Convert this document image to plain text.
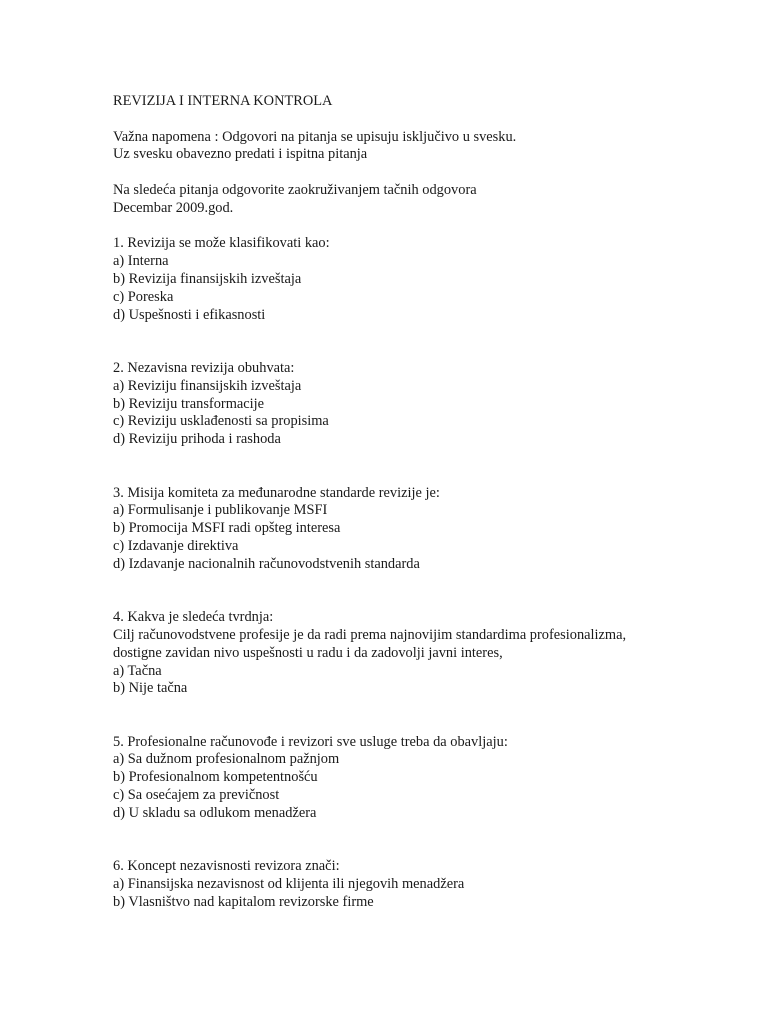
REVIZIJA I INTERNA KONTROLA
Važna napomena : Odgovori na pitanja se upisuju isključivo u svesku.
Uz svesku obavezno predati i ispitna pitanja
Na sledeća pitanja odgovorite zaokruživanjem tačnih odgovora
Decembar 2009.god.
1. Revizija se može klasifikovati kao:
a) Interna
b) Revizija finansijskih izveštaja
c) Poreska
d) Uspešnosti i efikasnosti
2. Nezavisna revizija obuhvata:
a) Reviziju finansijskih izveštaja
b) Reviziju transformacije
c) Reviziju usklađenosti sa propisima
d) Reviziju prihoda i rashoda
3. Misija komiteta za međunarodne standarde revizije je:
a) Formulisanje i publikovanje MSFI
b) Promocija MSFI radi opšteg interesa
c) Izdavanje direktiva
d) Izdavanje nacionalnih računovodstvenih standarda
4. Kakva je sledeća tvrdnja:
Cilj računovodstvene profesije je da radi prema najnovijim standardima profesionalizma,
dostigne zavidan nivo uspešnosti u radu i da zadovolji javni interes,
a) Tačna
b) Nije tačna
5. Profesionalne računovođe i revizori sve usluge treba da obavljaju:
a) Sa dužnom profesionalnom pažnjom
b) Profesionalnom kompetentnošću
c) Sa osećajem za previčnost
d) U skladu sa odlukom menadžera
6. Koncept nezavisnosti revizora znači:
a) Finansijska nezavisnost od klijenta ili njegovih menadžera
b) Vlasništvo nad kapitalom revizorske firme
